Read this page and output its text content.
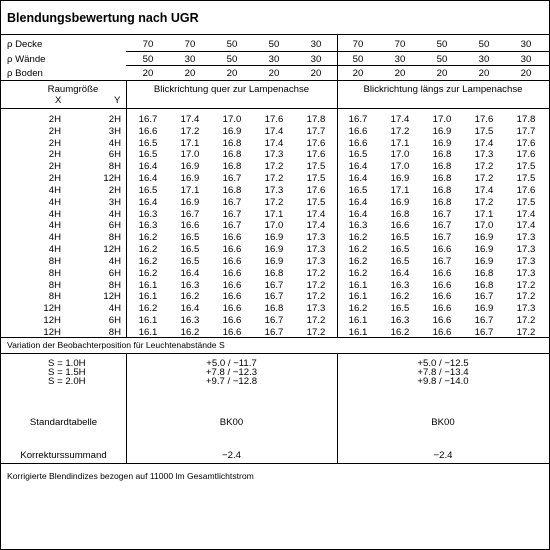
Blendungsbewertung nach UGR
ρ Decke	70	70	50	50	30	70	70	50	50	30
ρ Wände	50	30	50	30	30	50	30	50	30	30
ρ Boden	20	20	20	20	20	20	20	20	20	20
Raumgröße
X	Y
Blickrichtung quer zur Lampenachse	Blickrichtung längs zur Lampenachse
2H	2H	16.7	17.4	17.0	17.6	17.8	16.7	17.4	17.0	17.6	17.8
2H	3H	16.6	17.2	16.9	17.4	17.7	16.6	17.2	16.9	17.5	17.7
2H	4H	16.5	17.1	16.8	17.4	17.6	16.6	17.1	16.9	17.4	17.6
2H	6H	16.5	17.0	16.8	17.3	17.6	16.5	17.0	16.8	17.3	17.6
2H	8H	16.4	16.9	16.8	17.2	17.5	16.4	17.0	16.8	17.2	17.5
2H	12H	16.4	16.9	16.7	17.2	17.5	16.4	16.9	16.8	17.2	17.5
4H	2H	16.5	17.1	16.8	17.3	17.6	16.5	17.1	16.8	17.4	17.6
4H	3H	16.4	16.9	16.7	17.2	17.5	16.4	16.9	16.8	17.2	17.5
4H	4H	16.3	16.7	16.7	17.1	17.4	16.4	16.8	16.7	17.1	17.4
4H	6H	16.3	16.6	16.7	17.0	17.4	16.3	16.6	16.7	17.0	17.4
4H	8H	16.2	16.5	16.6	16.9	17.3	16.2	16.5	16.7	16.9	17.3
4H	12H	16.2	16.5	16.6	16.9	17.3	16.2	16.5	16.6	16.9	17.3
8H	4H	16.2	16.5	16.6	16.9	17.3	16.2	16.5	16.7	16.9	17.3
8H	6H	16.2	16.4	16.6	16.8	17.2	16.2	16.4	16.6	16.8	17.3
8H	8H	16.1	16.3	16.6	16.7	17.2	16.1	16.3	16.6	16.8	17.2
8H	12H	16.1	16.2	16.6	16.7	17.2	16.1	16.2	16.6	16.7	17.2
12H	4H	16.2	16.4	16.6	16.8	17.3	16.2	16.5	16.6	16.9	17.3
12H	6H	16.1	16.3	16.6	16.7	17.2	16.1	16.3	16.6	16.7	17.2
12H	8H	16.1	16.2	16.6	16.7	17.2	16.1	16.2	16.6	16.7	17.2
Variation der Beobachterposition für Leuchtenabstände S
S = 1.0H	+5.0 / −11.7	+5.0 / −12.5
S = 1.5H	+7.8 / −12.3	+7.8 / −13.4
S = 2.0H	+9.7 / −12.8	+9.8 / −14.0
Standardtabelle	BK00	BK00
Korrekturssummand	−2.4	−2.4
Korrigierte Blendindizes bezogen auf 11000 lm Gesamtlichtstrom
